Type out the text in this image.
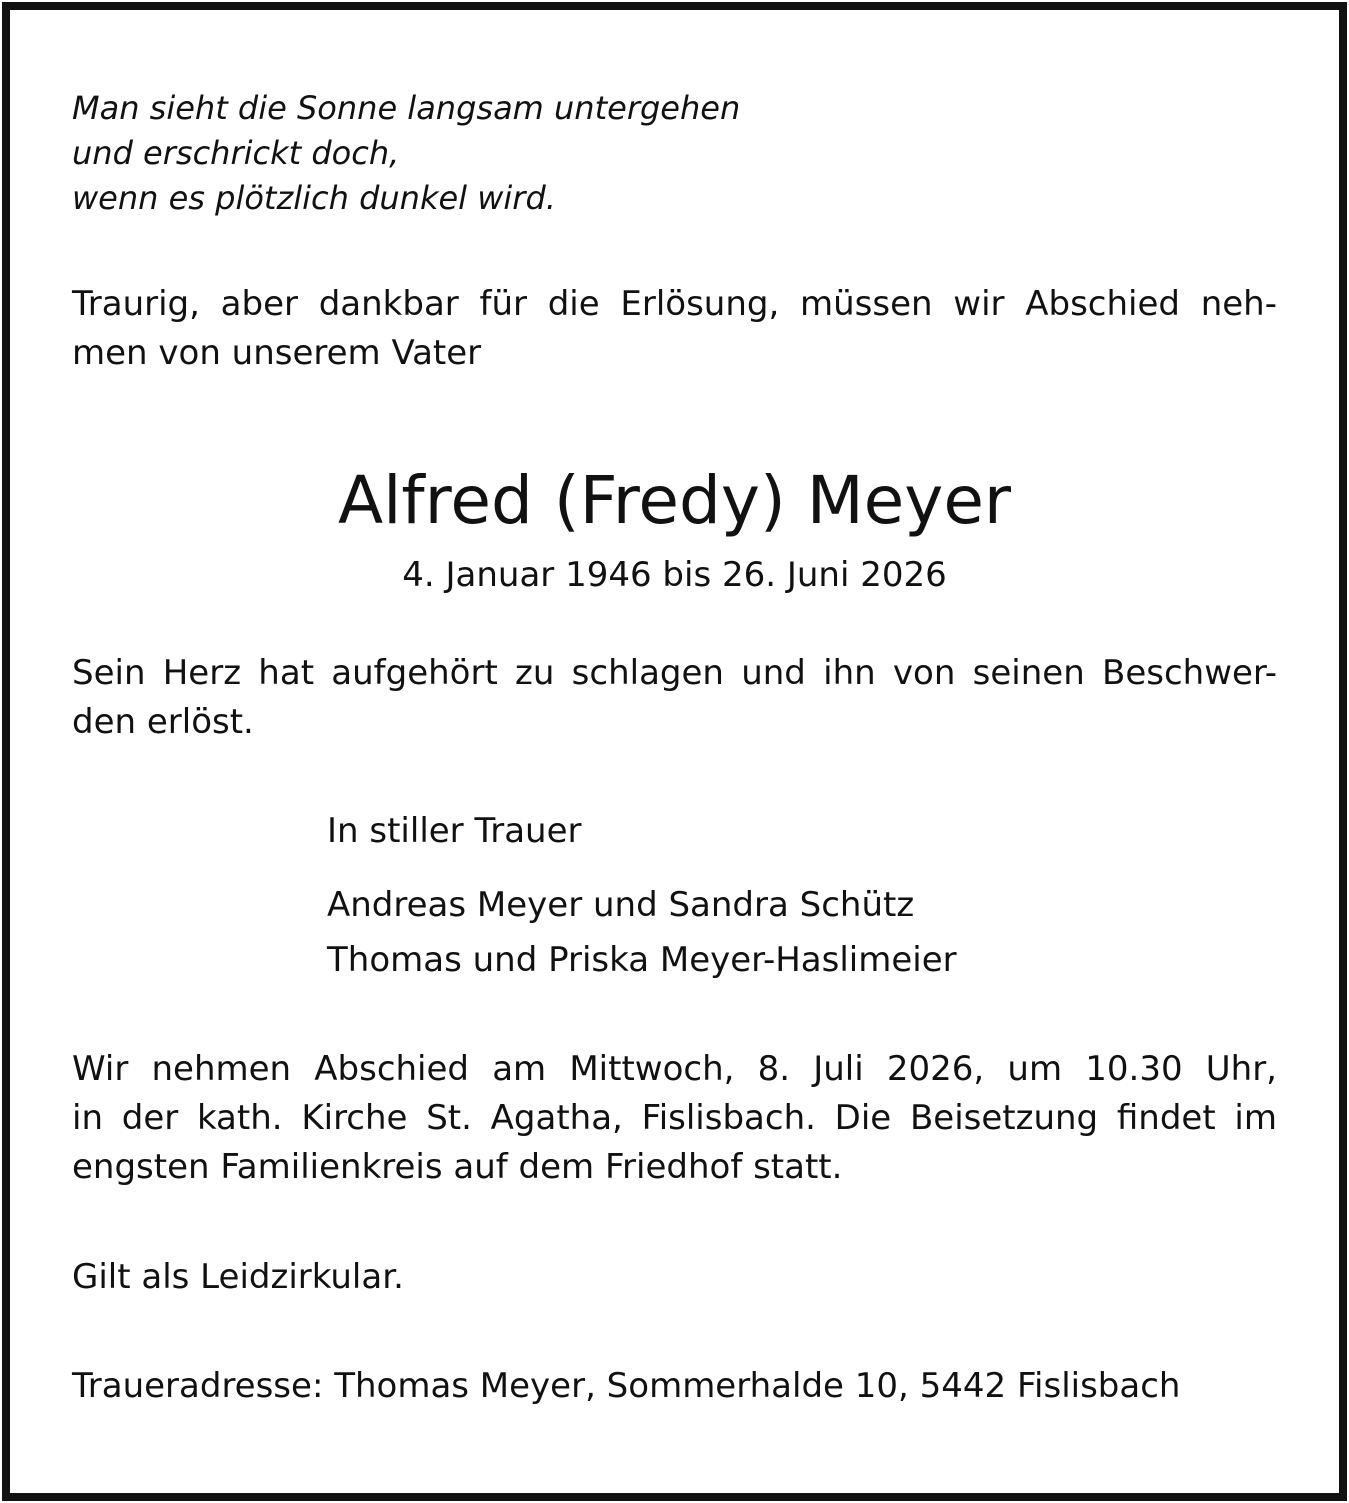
Man sieht die Sonne langsam untergehen
und erschrickt doch,
wenn es plötzlich dunkel wird.
Traurig, aber dankbar für die Erlösung, müssen wir Abschied neh-
men von unserem Vater
Alfred (Fredy) Meyer
4. Januar 1946 bis 26. Juni 2026
Sein Herz hat aufgehört zu schlagen und ihn von seinen Beschwer-
den erlöst.
In stiller Trauer
Andreas Meyer und Sandra Schütz
Thomas und Priska Meyer-Haslimeier
Wir nehmen Abschied am Mittwoch, 8. Juli 2026, um 10.30 Uhr,
in der kath. Kirche St. Agatha, Fislisbach. Die Beisetzung findet im
engsten Familienkreis auf dem Friedhof statt.
Gilt als Leidzirkular.
Traueradresse: Thomas Meyer, Sommerhalde 10, 5442 Fislisbach
